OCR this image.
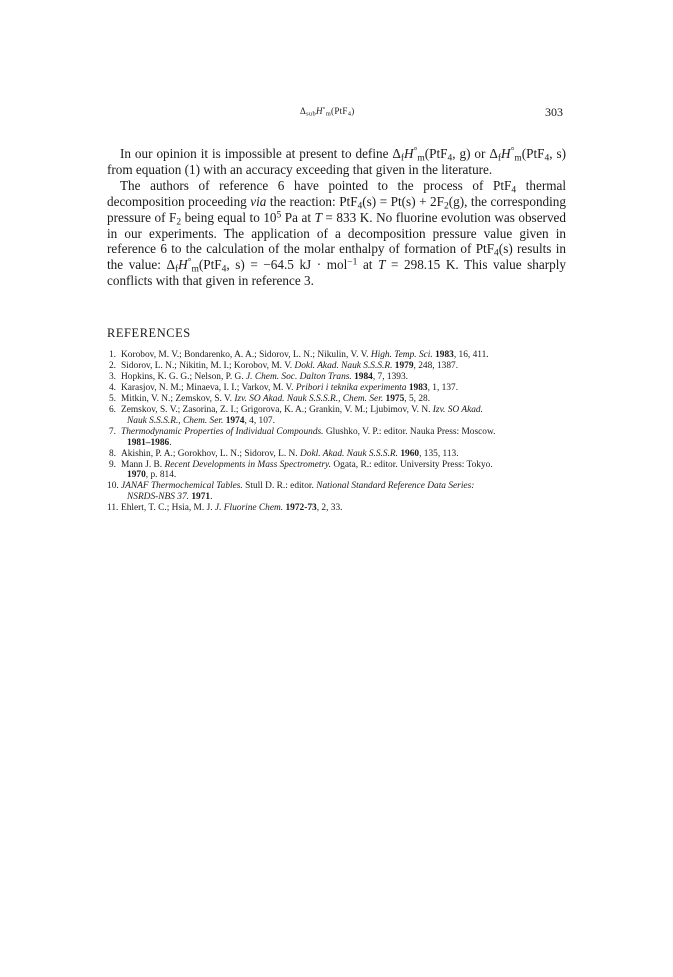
$\Delta_{sub}H^\circ_m(PtF_4)$	303

In our opinion it is impossible at present to define $\Delta_fH^\circ_m(PtF_4$, g) or $\Delta_fH^\circ_m(PtF_4$, s) from equation (1) with an accuracy exceeding that given in the literature.

The authors of reference 6 have pointed to the process of PtF$_4$ thermal decomposition proceeding via the reaction: $PtF_4(s) = Pt(s) + 2F_2(g)$, the corresponding pressure of $F_2$ being equal to $10^5$ Pa at T = 833 K. No fluorine evolution was observed in our experiments. The application of a decomposition pressure value given in reference 6 to the calculation of the molar enthalpy of formation of PtF$_4$(s) results in the value: $\Delta_fH^\circ_m(PtF_4$, s) = −64.5 kJ · mol$^{-1}$ at T = 298.15 K. This value sharply conflicts with that given in reference 3.

REFERENCES
1. Korobov, M. V.; Bondarenko, A. A.; Sidorov, L. N.; Nikulin, V. V. High. Temp. Sci. 1983, 16, 411.
2. Sidorov, L. N.; Nikitin, M. I.; Korobov, M. V. Dokl. Akad. Nauk S.S.S.R. 1979, 248, 1387.
3. Hopkins, K. G. G.; Nelson, P. G. J. Chem. Soc. Dalton Trans. 1984, 7, 1393.
4. Karasjov, N. M.; Minaeva, I. I.; Varkov, M. V. Pribori i teknika experimenta 1983, 1, 137.
5. Mitkin, V. N.; Zemskov, S. V. Izv. SO Akad. Nauk S.S.S.R., Chem. Ser. 1975, 5, 28.
6. Zemskov, S. V.; Zasorina, Z. I.; Grigorova, K. A.; Grankin, V. M.; Ljubimov, V. N. Izv. SO Akad.
Nauk S.S.S.R., Chem. Ser. 1974, 4, 107.
7. Thermodynamic Properties of Individual Compounds. Glushko, V. P.: editor. Nauka Press: Moscow.
1981–1986.
8. Akishin, P. A.; Gorokhov, L. N.; Sidorov, L. N. Dokl. Akad. Nauk S.S.S.R. 1960, 135, 113.
9. Mann J. B. Recent Developments in Mass Spectrometry. Ogata, R.: editor. University Press: Tokyo.
1970, p. 814.
10. JANAF Thermochemical Tables. Stull D. R.: editor. National Standard Reference Data Series:
NSRDS-NBS 37. 1971.
11. Ehlert, T. C.; Hsia, M. J. J. Fluorine Chem. 1972-73, 2, 33.
